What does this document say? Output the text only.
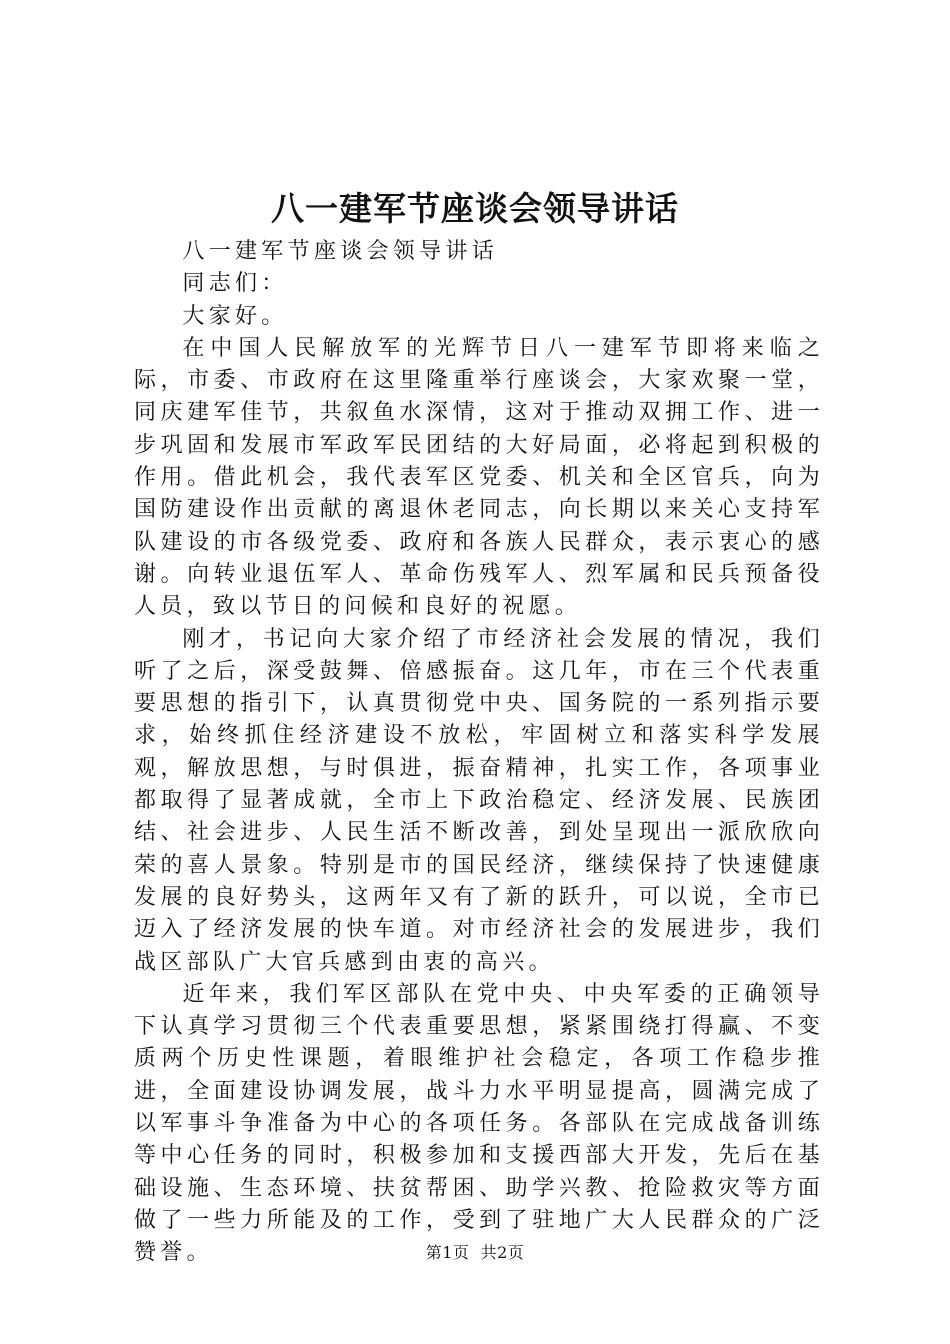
八一建军节座谈会领导讲话

八一建军节座谈会领导讲话

同志们：

大家好。

在中国人民解放军的光辉节日八一建军节即将来临之际，市委、市政府在这里隆重举行座谈会，大家欢聚一堂，同庆建军佳节，共叙鱼水深情，这对于推动双拥工作、进一步巩固和发展市军政军民团结的大好局面，必将起到积极的作用。借此机会，我代表军区党委、机关和全区官兵，向为国防建设作出贡献的离退休老同志，向长期以来关心支持军队建设的市各级党委、政府和各族人民群众，表示衷心的感谢。向转业退伍军人、革命伤残军人、烈军属和民兵预备役人员，致以节日的问候和良好的祝愿。

刚才，书记向大家介绍了市经济社会发展的情况，我们听了之后，深受鼓舞、倍感振奋。这几年，市在三个代表重要思想的指引下，认真贯彻党中央、国务院的一系列指示要求，始终抓住经济建设不放松，牢固树立和落实科学发展观，解放思想，与时俱进，振奋精神，扎实工作，各项事业都取得了显著成就，全市上下政治稳定、经济发展、民族团结、社会进步、人民生活不断改善，到处呈现出一派欣欣向荣的喜人景象。特别是市的国民经济，继续保持了快速健康发展的良好势头，这两年又有了新的跃升，可以说，全市已迈入了经济发展的快车道。对市经济社会的发展进步，我们战区部队广大官兵感到由衷的高兴。

近年来，我们军区部队在党中央、中央军委的正确领导下认真学习贯彻三个代表重要思想，紧紧围绕打得赢、不变质两个历史性课题，着眼维护社会稳定，各项工作稳步推进，全面建设协调发展，战斗力水平明显提高，圆满完成了以军事斗争准备为中心的各项任务。各部队在完成战备训练等中心任务的同时，积极参加和支援西部大开发，先后在基础设施、生态环境、扶贫帮困、助学兴教、抢险救灾等方面做了一些力所能及的工作，受到了驻地广大人民群众的广泛赞誉。	第1页  共2页
